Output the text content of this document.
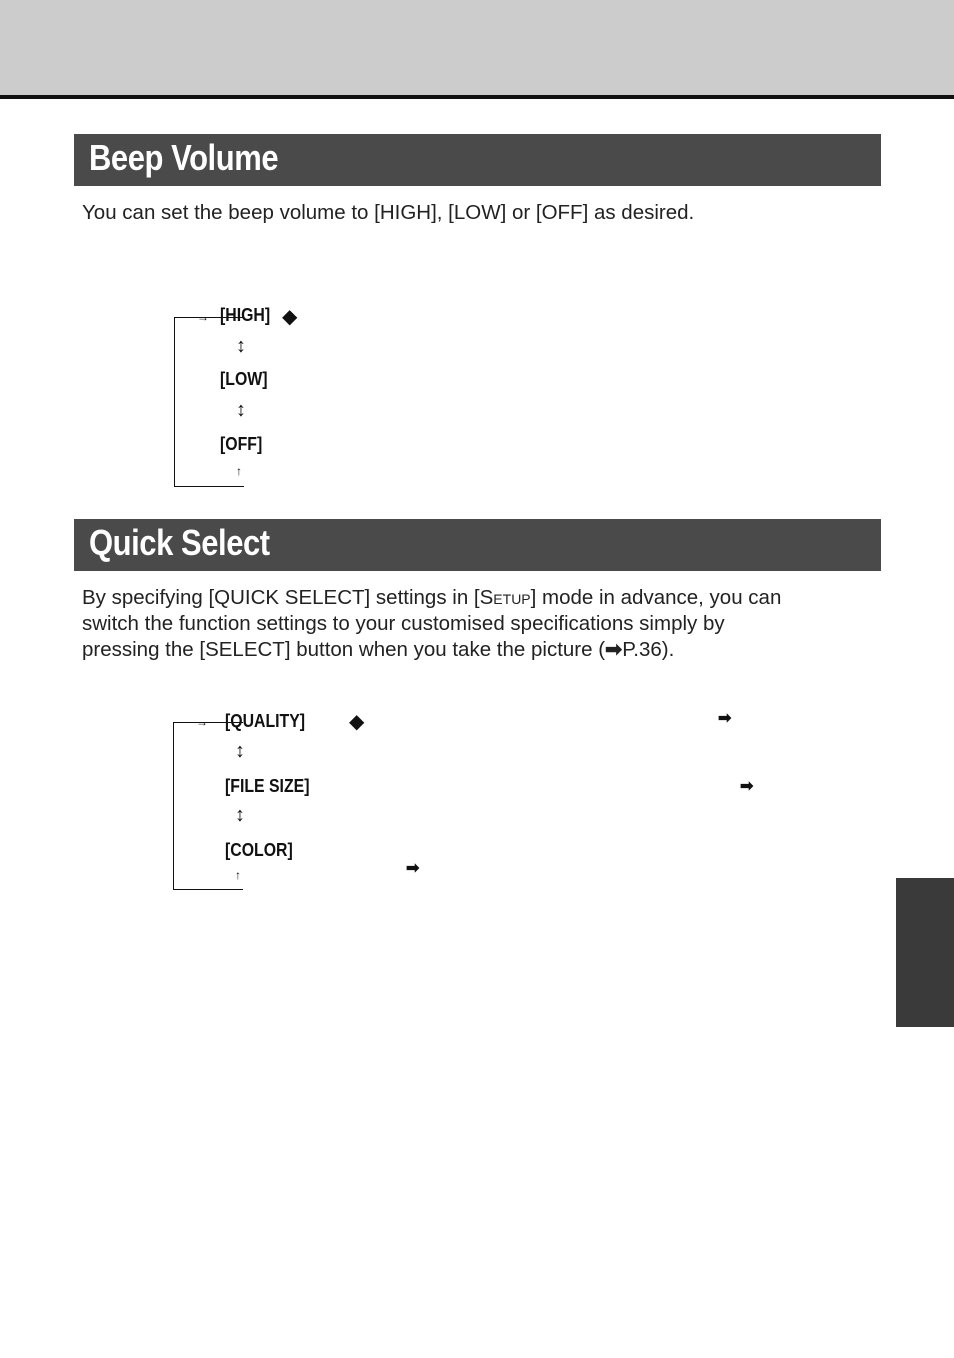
Beep Volume
You can set the beep volume to [HIGH], [LOW] or [OFF] as desired.
→
↑
[HIGH] ◆
↕
[LOW]
↕
[OFF]
Quick Select
By specifying [QUICK SELECT] settings in [Setup] mode in advance, you can
switch the function settings to your customised specifications simply by
pressing the [SELECT] button when you take the picture (➡P.36).
→
↑
[QUALITY] ◆	➡
↕
[FILE SIZE]	➡
↕
[COLOR]
➡
